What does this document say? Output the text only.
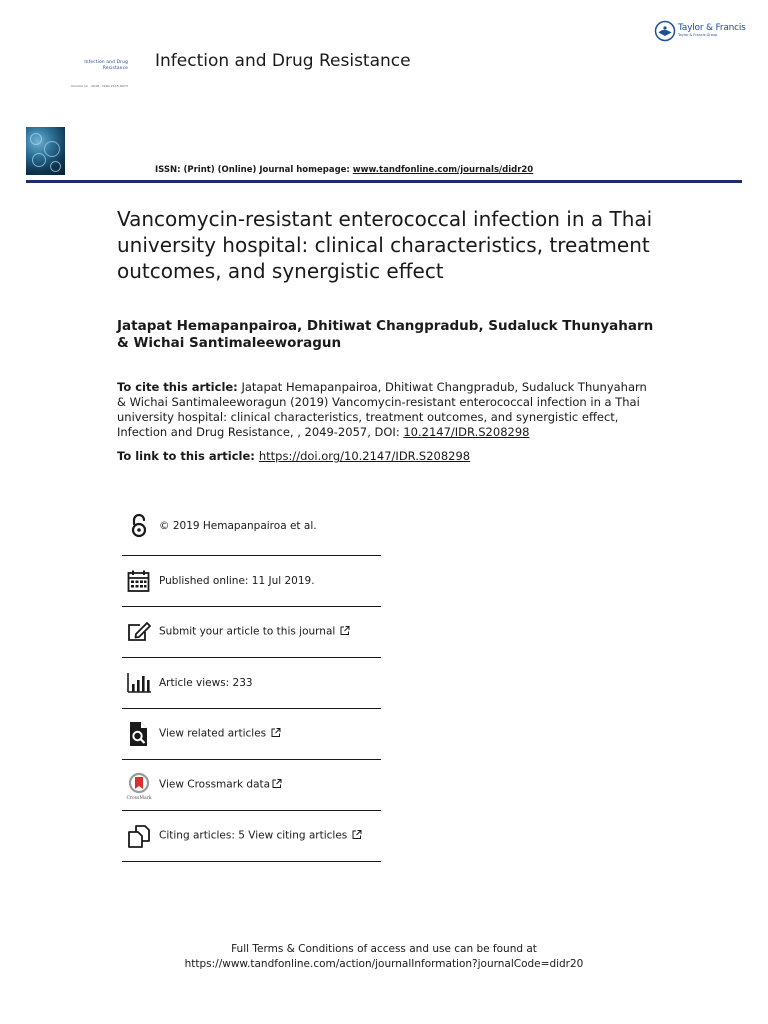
Taylor & Francis
Taylor & Francis Group
Infection and Drug
Resistance
Volume 11 · 2018 · ISSN 2115-6973
Infection and Drug Resistance
ISSN: (Print) (Online) Journal homepage: www.tandfonline.com/journals/didr20
Vancomycin-resistant enterococcal infection in a Thai university hospital: clinical characteristics, treatment outcomes, and synergistic effect
Jatapat Hemapanpairoa, Dhitiwat Changpradub, Sudaluck Thunyaharn & Wichai Santimaleeworagun
To cite this article: Jatapat Hemapanpairoa, Dhitiwat Changpradub, Sudaluck Thunyaharn & Wichai Santimaleeworagun (2019) Vancomycin-resistant enterococcal infection in a Thai university hospital: clinical characteristics, treatment outcomes, and synergistic effect, Infection and Drug Resistance, , 2049-2057, DOI: 10.2147/IDR.S208298
To link to this article: https://doi.org/10.2147/IDR.S208298
© 2019 Hemapanpairoa et al.
Published online: 11 Jul 2019.
Submit your article to this journal
Article views: 233
View related articles
CrossMark
View Crossmark data
Citing articles: 5 View citing articles
Full Terms & Conditions of access and use can be found at
https://www.tandfonline.com/action/journalInformation?journalCode=didr20
